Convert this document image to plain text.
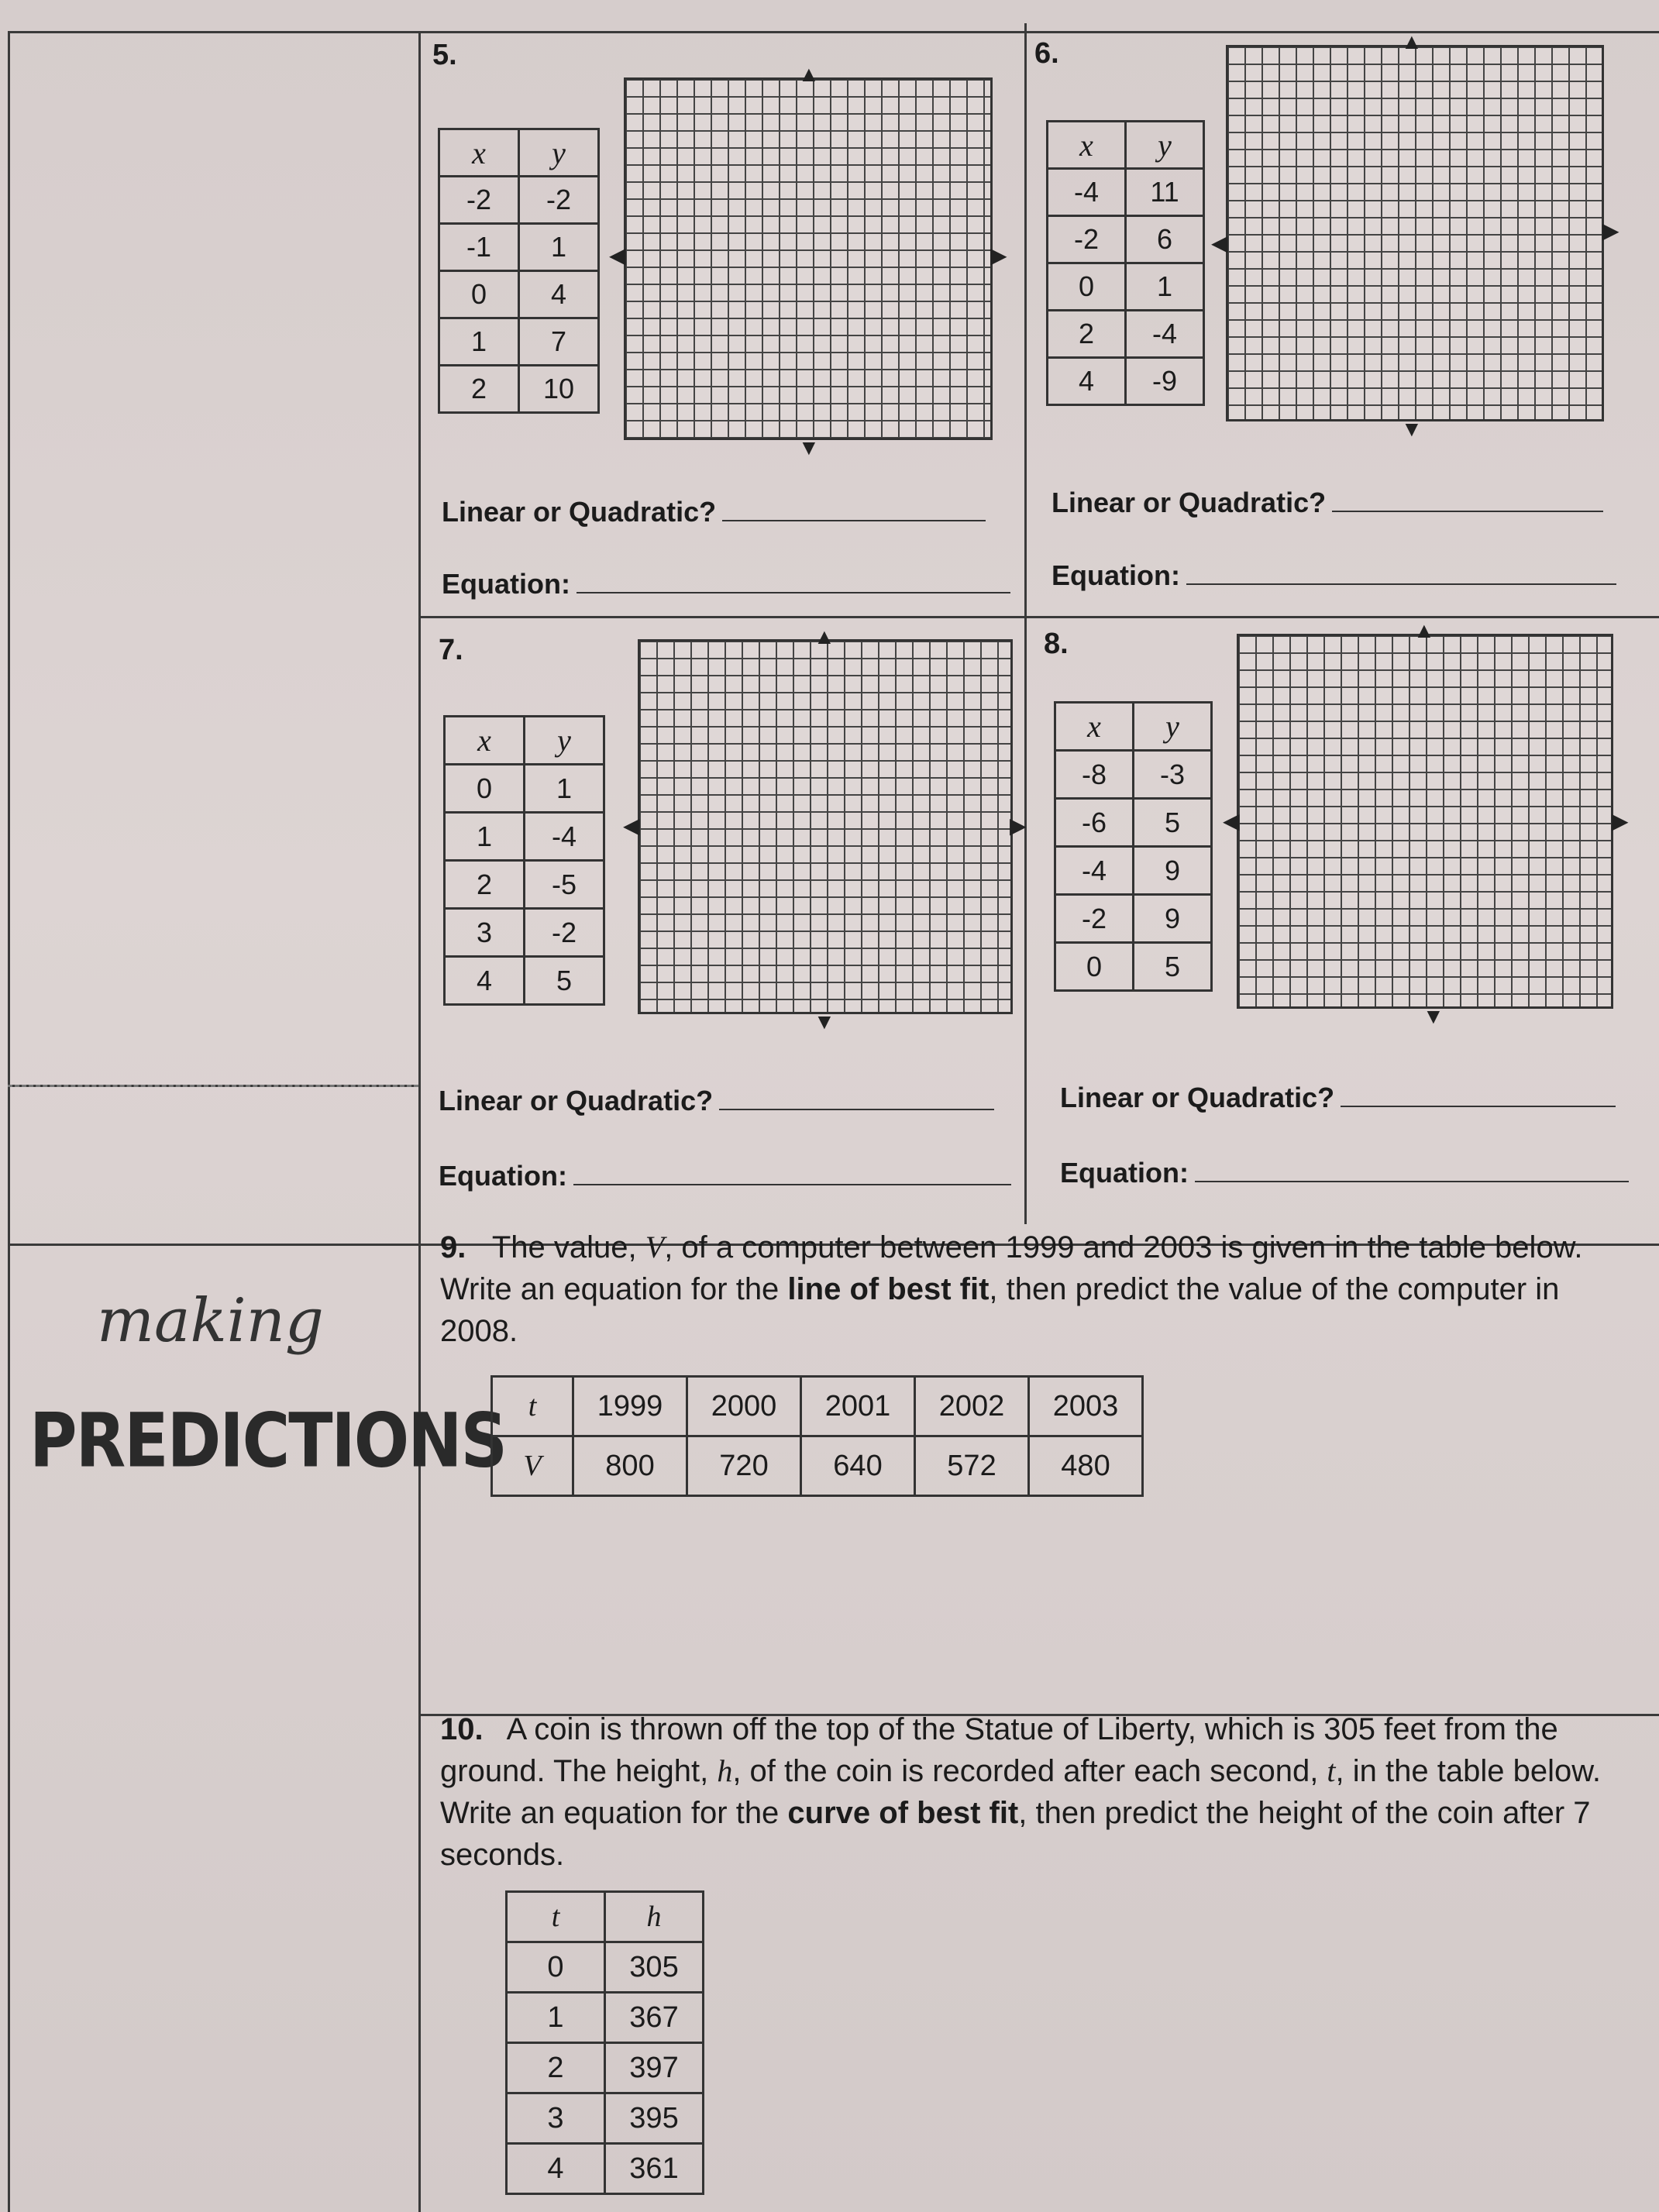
5.
x	y
-2	-2
-1	1
0	4
1	7
2	10
▲
▼
◀	▶
Linear or Quadratic?
Equation:
6.
x	y
-4	11
-2	6
0	1
2	-4
4	-9
▲
▼
◀
▶
Linear or Quadratic?
Equation:
7.
x	y
0	1
1	-4
2	-5
3	-2
4	5
▲
▼
◀	▶
Linear or Quadratic?
Equation:
8.
x	y
-8	-3
-6	5
-4	9
-2	9
0	5
▲
▼
◀	▶
Linear or Quadratic?
Equation:
making
PREDICTIONS
9. The value, V, of a computer between 1999 and 2003 is given in the table below. Write an equation for the line of best fit, then predict the value of the computer in 2008.
t	1999	2000	2001	2002	2003
V	800	720	640	572	480
10. A coin is thrown off the top of the Statue of Liberty, which is 305 feet from the ground. The height, h, of the coin is recorded after each second, t, in the table below. Write an equation for the curve of best fit, then predict the height of the coin after 7 seconds.
t	h
0	305
1	367
2	397
3	395
4	361
